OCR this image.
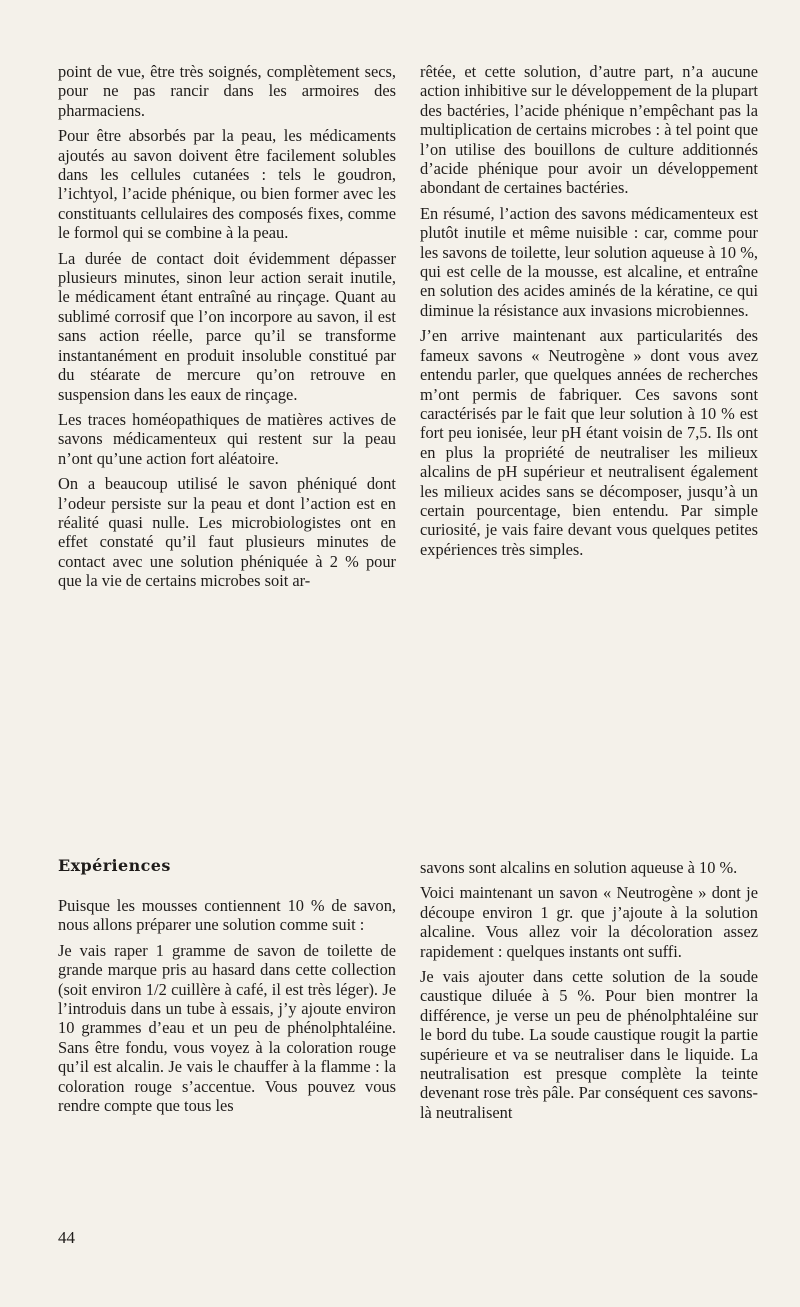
point de vue, être très soignés, complètement secs, pour ne pas rancir dans les armoires des pharmaciens.

Pour être absorbés par la peau, les médicaments ajoutés au savon doivent être facilement solubles dans les cellules cutanées : tels le goudron, l’ichtyol, l’acide phénique, ou bien former avec les constituants cellulaires des composés fixes, comme le formol qui se combine à la peau.

La durée de contact doit évidemment dépasser plusieurs minutes, sinon leur action serait inutile, le médicament étant entraîné au rinçage. Quant au sublimé corrosif que l’on incorpore au savon, il est sans action réelle, parce qu’il se transforme instantanément en produit insoluble constitué par du stéarate de mercure qu’on retrouve en suspension dans les eaux de rinçage.

Les traces homéopathiques de matières actives de savons médicamenteux qui restent sur la peau n’ont qu’une action fort aléatoire.

On a beaucoup utilisé le savon phéniqué dont l’odeur persiste sur la peau et dont l’action est en réalité quasi nulle. Les microbiologistes ont en effet constaté qu’il faut plusieurs minutes de contact avec une solution phéniquée à 2 % pour que la vie de certains microbes soit ar-

rêtée, et cette solution, d’autre part, n’a aucune action inhibitive sur le développement de la plupart des bactéries, l’acide phénique n’empêchant pas la multiplication de certains microbes : à tel point que l’on utilise des bouillons de culture additionnés d’acide phénique pour avoir un développement abondant de certaines bactéries.

En résumé, l’action des savons médicamenteux est plutôt inutile et même nuisible : car, comme pour les savons de toilette, leur solution aqueuse à 10 %, qui est celle de la mousse, est alcaline, et entraîne en solution des acides aminés de la kératine, ce qui diminue la résistance aux invasions microbiennes.

J’en arrive maintenant aux particularités des fameux savons « Neutrogène » dont vous avez entendu parler, que quelques années de recherches m’ont permis de fabriquer. Ces savons sont caractérisés par le fait que leur solution à 10 % est fort peu ionisée, leur pH étant voisin de 7,5. Ils ont en plus la propriété de neutraliser les milieux alcalins de pH supérieur et neutralisent également les milieux acides sans se décomposer, jusqu’à un certain pourcentage, bien entendu. Par simple curiosité, je vais faire devant vous quelques petites expériences très simples.

Expériences

Puisque les mousses contiennent 10 % de savon, nous allons préparer une solution comme suit :

Je vais raper 1 gramme de savon de toilette de grande marque pris au hasard dans cette collection (soit environ 1/2 cuillère à café, il est très léger). Je l’introduis dans un tube à essais, j’y ajoute environ 10 grammes d’eau et un peu de phénolphtaléine. Sans être fondu, vous voyez à la coloration rouge qu’il est alcalin. Je vais le chauffer à la flamme : la coloration rouge s’accentue. Vous pouvez vous rendre compte que tous les

savons sont alcalins en solution aqueuse à 10 %.

Voici maintenant un savon « Neutrogène » dont je découpe environ 1 gr. que j’ajoute à la solution alcaline. Vous allez voir la décoloration assez rapidement : quelques instants ont suffi.

Je vais ajouter dans cette solution de la soude caustique diluée à 5 %. Pour bien montrer la différence, je verse un peu de phénolphtaléine sur le bord du tube. La soude caustique rougit la partie supérieure et va se neutraliser dans le liquide. La neutralisation est presque complète la teinte devenant rose très pâle. Par conséquent ces savons-là neutralisent

44
